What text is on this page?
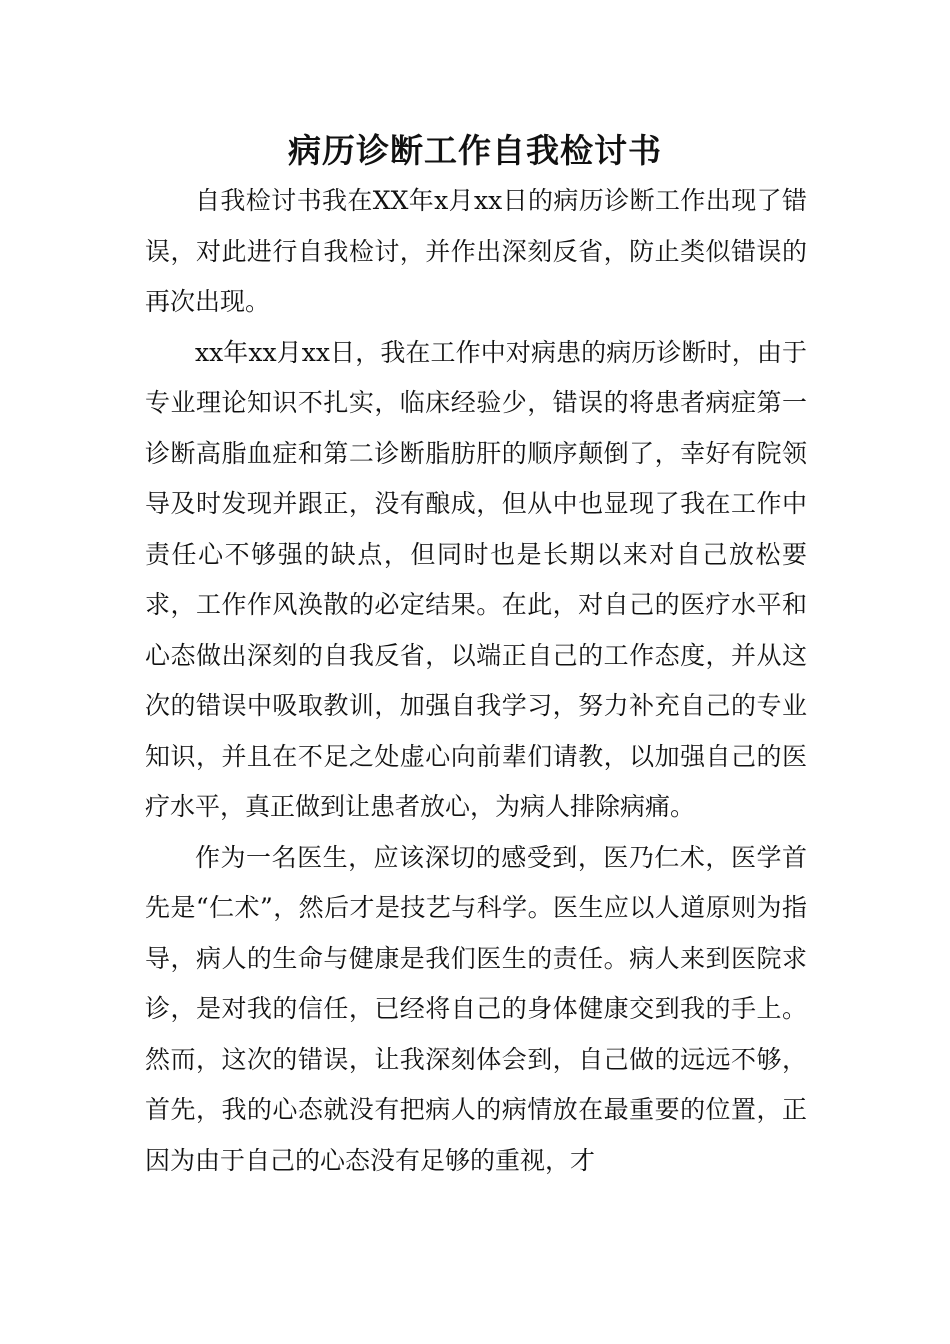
病历诊断工作自我检讨书

自我检讨书我在XX年x月xx日的病历诊断工作出现了错误，对此进行自我检讨，并作出深刻反省，防止类似错误的再次出现。

xx年xx月xx日，我在工作中对病患的病历诊断时，由于专业理论知识不扎实，临床经验少，错误的将患者病症第一诊断高脂血症和第二诊断脂肪肝的顺序颠倒了，幸好有院领导及时发现并跟正，没有酿成，但从中也显现了我在工作中责任心不够强的缺点，但同时也是长期以来对自己放松要求，工作作风涣散的必定结果。在此，对自己的医疗水平和心态做出深刻的自我反省，以端正自己的工作态度，并从这次的错误中吸取教训，加强自我学习，努力补充自己的专业知识，并且在不足之处虚心向前辈们请教，以加强自己的医疗水平，真正做到让患者放心，为病人排除病痛。

作为一名医生，应该深切的感受到，医乃仁术，医学首先是“仁术”，然后才是技艺与科学。医生应以人道原则为指导，病人的生命与健康是我们医生的责任。病人来到医院求诊，是对我的信任，已经将自己的身体健康交到我的手上。然而，这次的错误，让我深刻体会到，自己做的远远不够，首先，我的心态就没有把病人的病情放在最重要的位置，正因为由于自己的心态没有足够的重视，才
